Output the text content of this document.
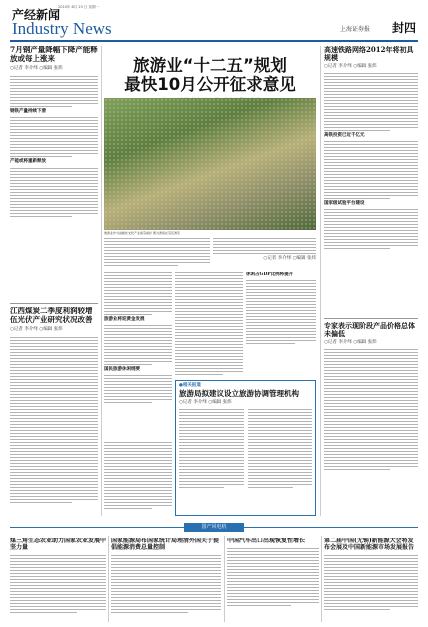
产经新闻
2010年 8月 23 日 星期一
Industry News	上海证券报 封四
7月钢产量降幅下降产能释放或每上涨来
○记者 李介绎 ○编辑 张炜
钢铁产量持续下滑
产能或将重新释放
江西煤炭二季度利润较增伍光伏产业研究状况改善
○记者 李介绎 ○编辑 张炜
旅游业“十二五”规划
最快10月公开征求意见
旅游业作为战略性支柱产业前景看好 图为游客在景区游览
○记者 李介绎 ○编辑 张炜
旅游业将迎黄金发展
国民旅游休闲纲要
休闲占GDP比例将提升
●相关报道
旅游局拟建议设立旅游协调管理机构
○记者 李介绎 ○编辑 张炜
高速铁路网络2012年将初具规模
○记者 李介绎 ○编辑 张炜
高铁投资已近千亿元
国家级试验平台建设
专家表示现阶段产品价格总体未偏低
○记者 李介绎 ○编辑 张炜
国产风电机
煤三角生态农业助力国家农业发展中坚力量
国家能源局布国家统计局理清外国关于提倡能源消费总量控制
中国汽车出口出现恢复性增长	第二届中国(无锡)新能源大会将发布会展及中国新能源市场发展报告
